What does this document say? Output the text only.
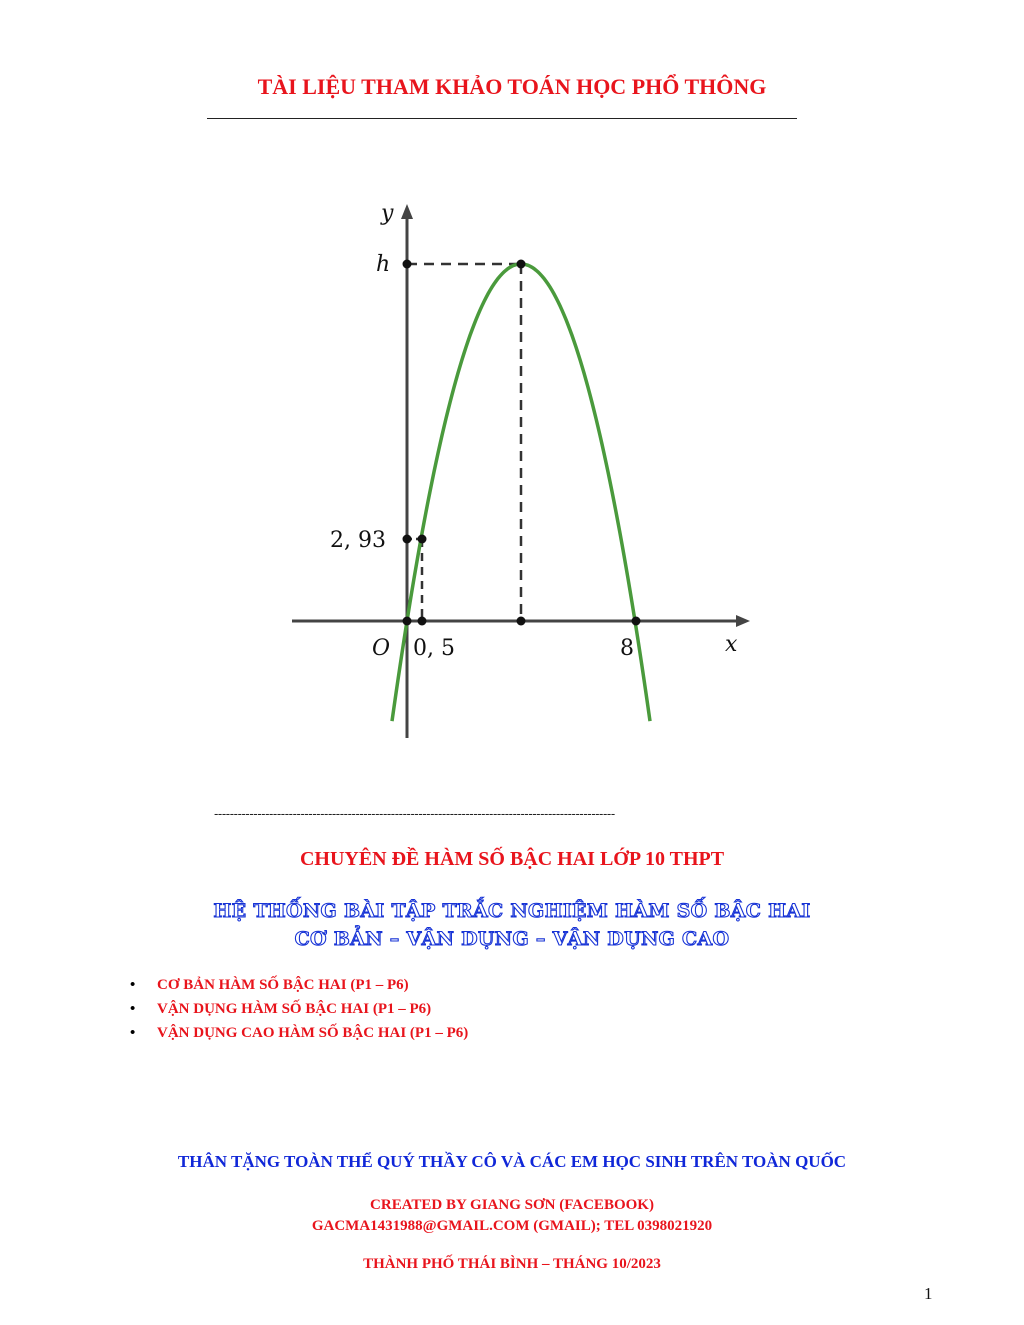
TÀI LIỆU THAM KHẢO TOÁN HỌC PHỔ THÔNG
y
x
h
2, 93
O 0, 5	8
------------------------------------------------------------------------------------------------------
CHUYÊN ĐỀ HÀM SỐ BẬC HAI LỚP 10 THPT
HỆ THỐNG BÀI TẬP TRẮC NGHIỆM HÀM SỐ BẬC HAI
CƠ BẢN – VẬN DỤNG – VẬN DỤNG CAO
• CƠ BẢN HÀM SỐ BẬC HAI (P1 – P6)
• VẬN DỤNG HÀM SỐ BẬC HAI (P1 – P6)
• VẬN DỤNG CAO HÀM SỐ BẬC HAI (P1 – P6)
THÂN TẶNG TOÀN THỂ QUÝ THẦY CÔ VÀ CÁC EM HỌC SINH TRÊN TOÀN QUỐC
CREATED BY GIANG SƠN (FACEBOOK)
GACMA1431988@GMAIL.COM (GMAIL); TEL 0398021920
THÀNH PHỐ THÁI BÌNH – THÁNG 10/2023
1
